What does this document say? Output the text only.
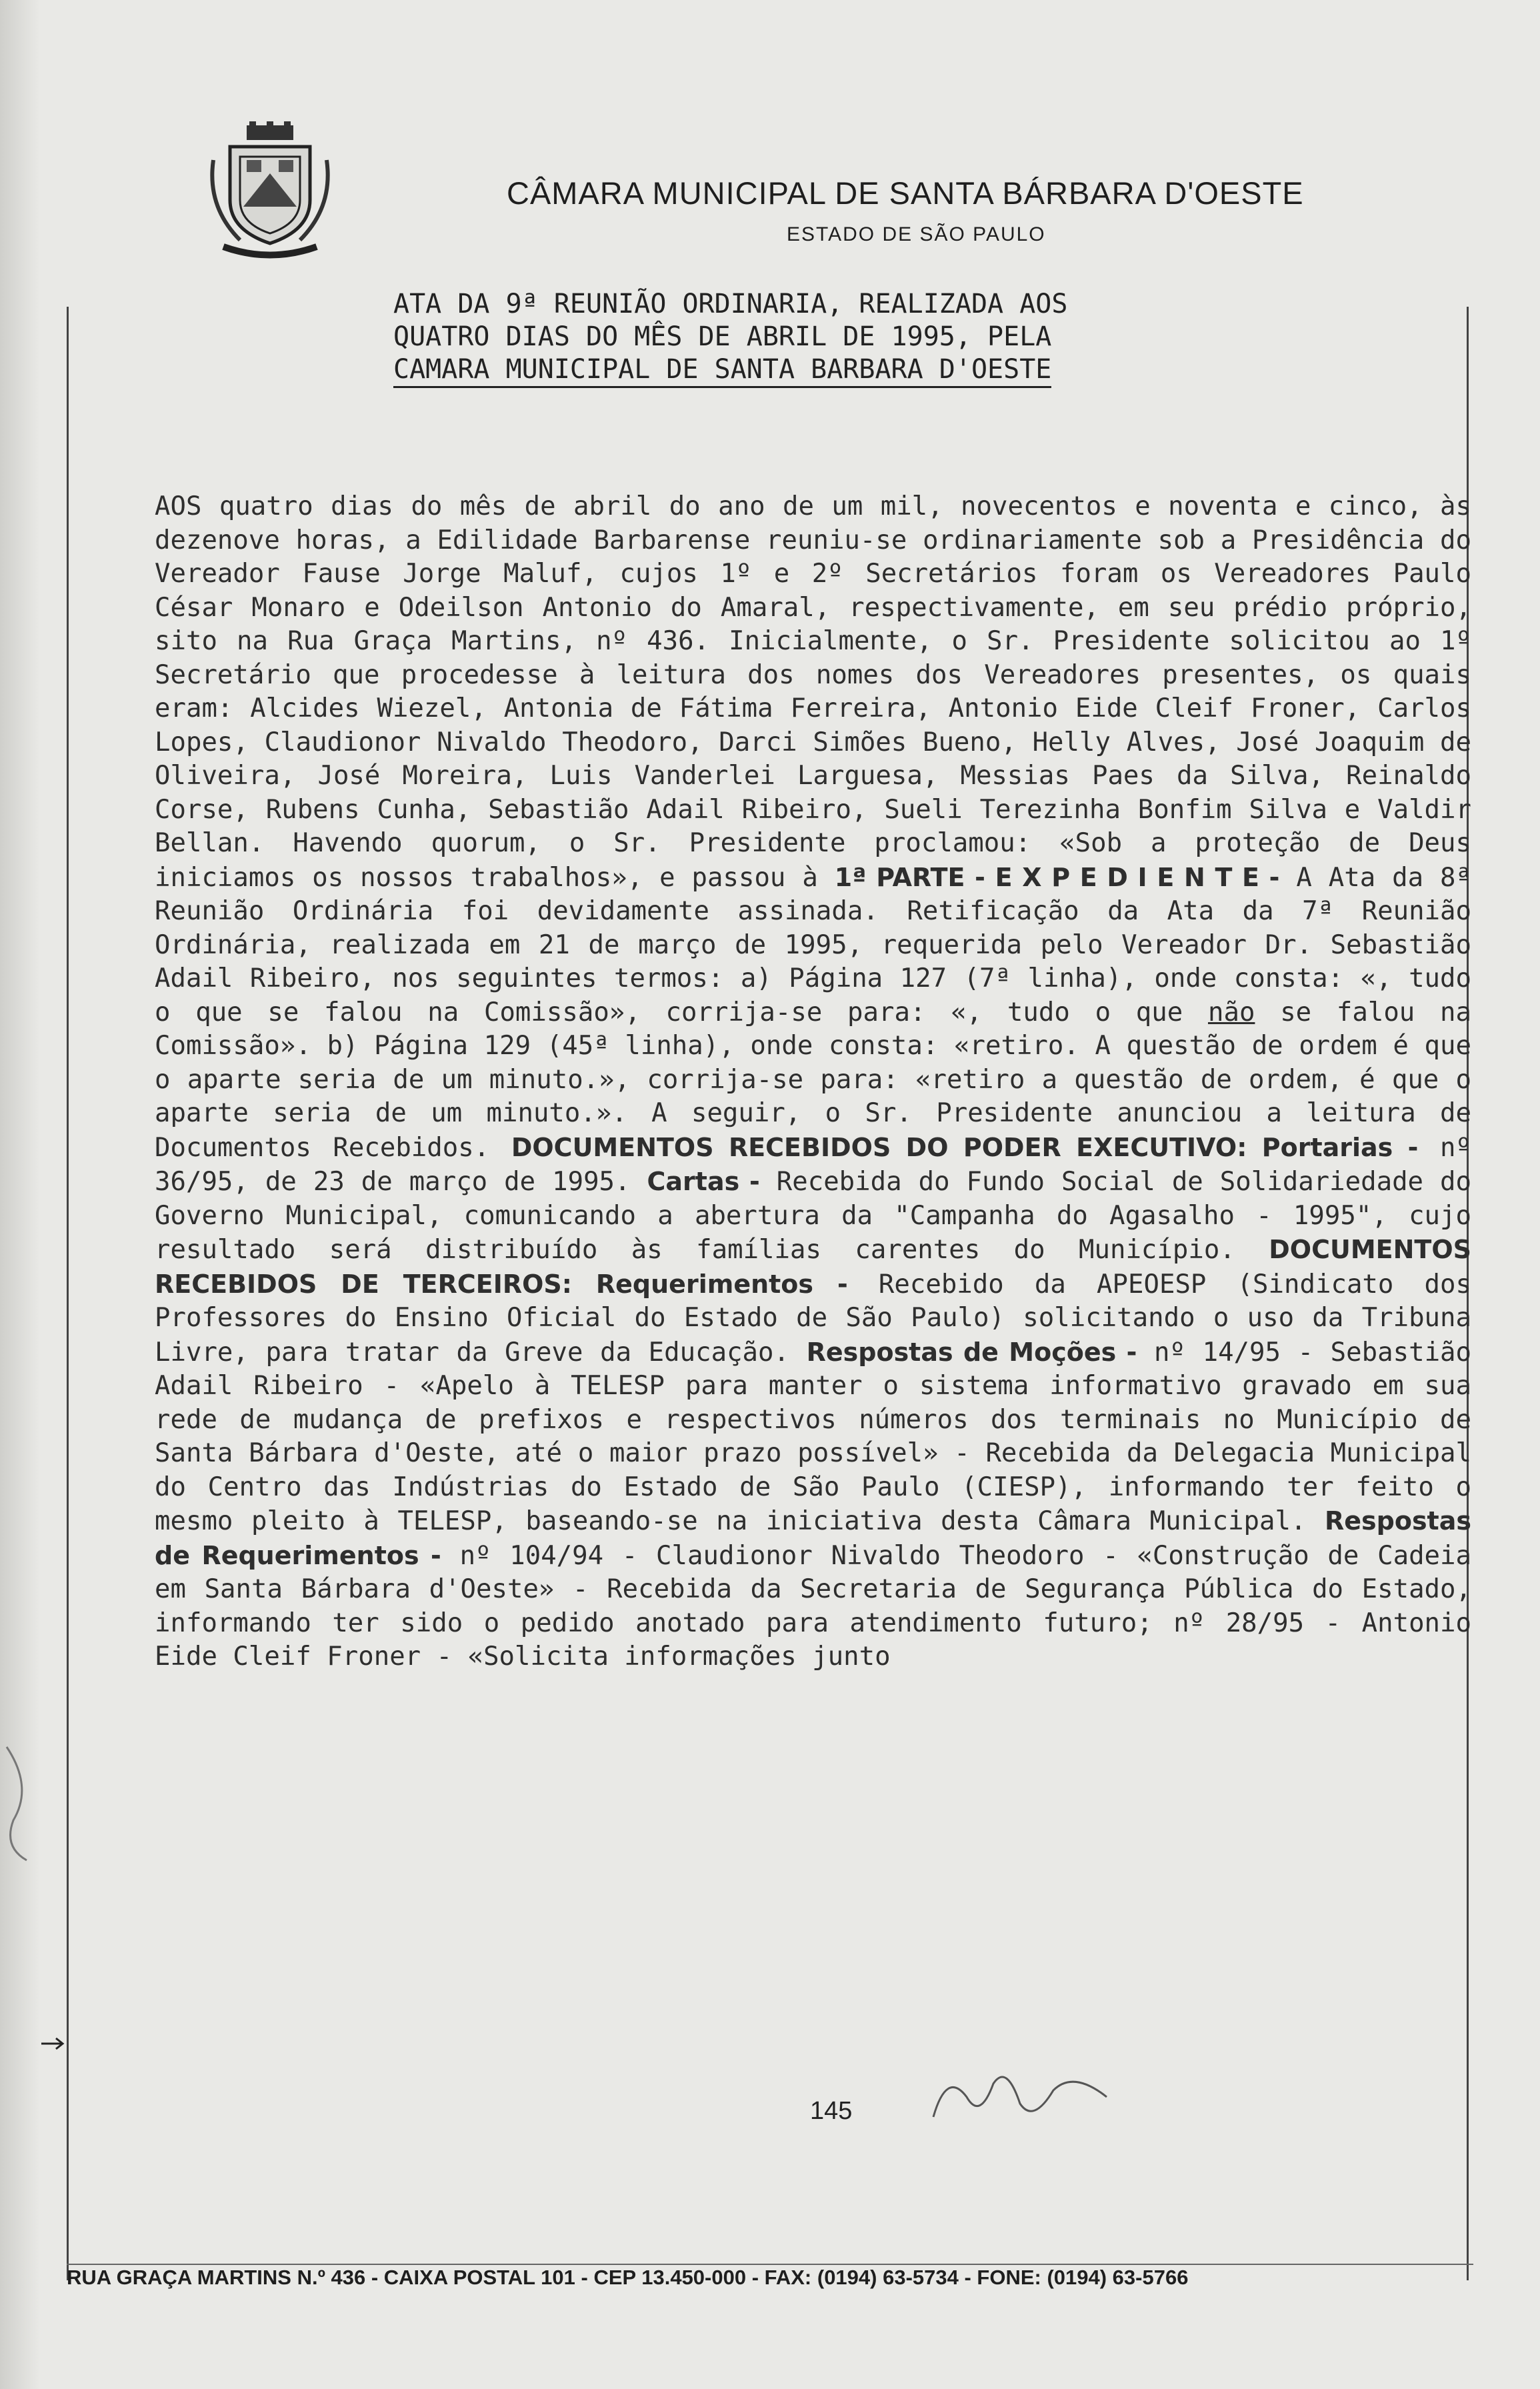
CÂMARA MUNICIPAL DE SANTA BÁRBARA D'OESTE
ESTADO DE SÃO PAULO
ATA DA 9ª REUNIÃO ORDINARIA, REALIZADA AOS
QUATRO DIAS DO MÊS DE ABRIL DE 1995, PELA
CAMARA MUNICIPAL DE SANTA BARBARA D'OESTE
AOS quatro dias do mês de abril do ano de um mil, novecentos e noventa e cinco, às dezenove horas, a Edilidade Barbarense reuniu-se ordinariamente sob a Presidência do Vereador Fause Jorge Maluf, cujos 1º e 2º Secretários foram os Vereadores Paulo César Monaro e Odeilson Antonio do Amaral, respectivamente, em seu prédio próprio, sito na Rua Graça Martins, nº 436. Inicialmente, o Sr. Presidente solicitou ao 1º Secretário que procedesse à leitura dos nomes dos Vereadores presentes, os quais eram: Alcides Wiezel, Antonia de Fátima Ferreira, Antonio Eide Cleif Froner, Carlos Lopes, Claudionor Nivaldo Theodoro, Darci Simões Bueno, Helly Alves, José Joaquim de Oliveira, José Moreira, Luis Vanderlei Larguesa, Messias Paes da Silva, Reinaldo Corse, Rubens Cunha, Sebastião Adail Ribeiro, Sueli Terezinha Bonfim Silva e Valdir Bellan. Havendo quorum, o Sr. Presidente proclamou: «Sob a proteção de Deus iniciamos os nossos trabalhos», e passou à 1ª PARTE - E X P E D I E N T E - A Ata da 8ª Reunião Ordinária foi devidamente assinada. Retificação da Ata da 7ª Reunião Ordinária, realizada em 21 de março de 1995, requerida pelo Vereador Dr. Sebastião Adail Ribeiro, nos seguintes termos: a) Página 127 (7ª linha), onde consta: «, tudo o que se falou na Comissão», corrija-se para: «, tudo o que não se falou na Comissão». b) Página 129 (45ª linha), onde consta: «retiro. A questão de ordem é que o aparte seria de um minuto.», corrija-se para: «retiro a questão de ordem, é que o aparte seria de um minuto.». A seguir, o Sr. Presidente anunciou a leitura de Documentos Recebidos. DOCUMENTOS RECEBIDOS DO PODER EXECUTIVO: Portarias - nº 36/95, de 23 de março de 1995. Cartas - Recebida do Fundo Social de Solidariedade do Governo Municipal, comunicando a abertura da "Campanha do Agasalho - 1995", cujo resultado será distribuído às famílias carentes do Município. DOCUMENTOS RECEBIDOS DE TERCEIROS: Requerimentos - Recebido da APEOESP (Sindicato dos Professores do Ensino Oficial do Estado de São Paulo) solicitando o uso da Tribuna Livre, para tratar da Greve da Educação. Respostas de Moções - nº 14/95 - Sebastião Adail Ribeiro - «Apelo à TELESP para manter o sistema informativo gravado em sua rede de mudança de prefixos e respectivos números dos terminais no Município de Santa Bárbara d'Oeste, até o maior prazo possível» - Recebida da Delegacia Municipal do Centro das Indústrias do Estado de São Paulo (CIESP), informando ter feito o mesmo pleito à TELESP, baseando-se na iniciativa desta Câmara Municipal. Respostas de Requerimentos - nº 104/94 - Claudionor Nivaldo Theodoro - «Construção de Cadeia em Santa Bárbara d'Oeste» - Recebida da Secretaria de Segurança Pública do Estado, informando ter sido o pedido anotado para atendimento futuro; nº 28/95 - Antonio Eide Cleif Froner - «Solicita informações junto
145
RUA GRAÇA MARTINS N.º 436 - CAIXA POSTAL 101 - CEP 13.450-000 - FAX: (0194) 63-5734 - FONE: (0194) 63-5766
